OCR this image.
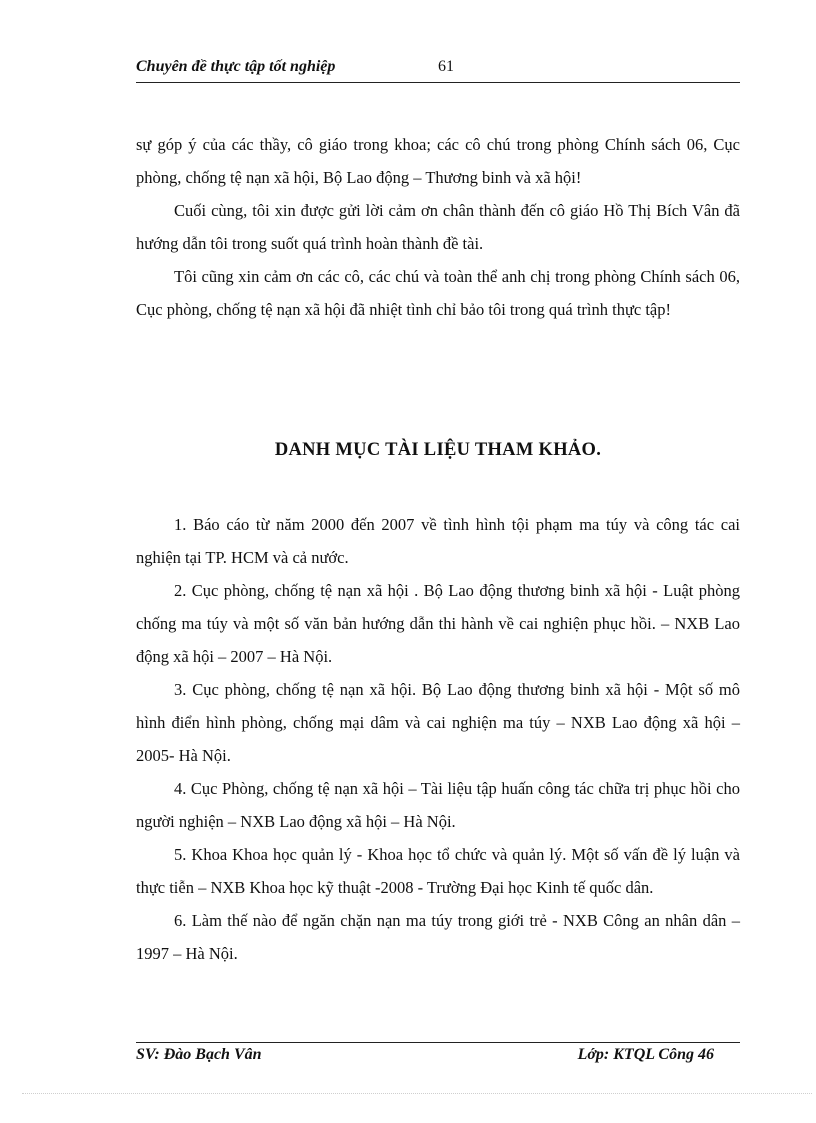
Chuyên đề thực tập tốt nghiệp	61

sự góp ý của các thầy, cô giáo trong khoa; các cô chú trong phòng Chính sách 06, Cục phòng, chống tệ nạn xã hội, Bộ Lao động – Thương binh và xã hội!

Cuối cùng, tôi xin được gửi lời cảm ơn chân thành đến cô giáo Hồ Thị Bích Vân đã hướng dẫn tôi trong suốt quá trình hoàn thành đề tài.

Tôi cũng xin cảm ơn các cô, các chú và toàn thể anh chị trong phòng Chính sách 06, Cục phòng, chống tệ nạn xã hội đã nhiệt tình chỉ bảo tôi trong quá trình thực tập!

DANH MỤC TÀI LIỆU THAM KHẢO.

1. Báo cáo từ năm 2000 đến 2007 về tình hình tội phạm ma túy và công tác cai nghiện tại TP. HCM và cả nước.

2. Cục phòng, chống tệ nạn xã hội . Bộ Lao động thương binh xã hội - Luật phòng chống ma túy và một số văn bản hướng dẫn thi hành về cai nghiện phục hồi. – NXB Lao động xã hội – 2007 – Hà Nội.

3. Cục phòng, chống tệ nạn xã hội. Bộ Lao động thương binh xã hội - Một số mô hình điển hình phòng, chống mại dâm và cai nghiện ma túy – NXB Lao động xã hội – 2005- Hà Nội.

4. Cục Phòng, chống tệ nạn xã hội – Tài liệu tập huấn công tác chữa trị phục hồi cho người nghiện – NXB Lao động xã hội – Hà Nội.

5. Khoa Khoa học quản lý - Khoa học tổ chức và quản lý. Một số vấn đề lý luận và thực tiễn – NXB Khoa học kỹ thuật -2008 - Trường Đại học Kinh tế quốc dân.

6. Làm thế nào để ngăn chặn nạn ma túy trong giới trẻ - NXB Công an nhân dân – 1997 – Hà Nội.

SV: Đào Bạch Vân	Lớp: KTQL Công 46
